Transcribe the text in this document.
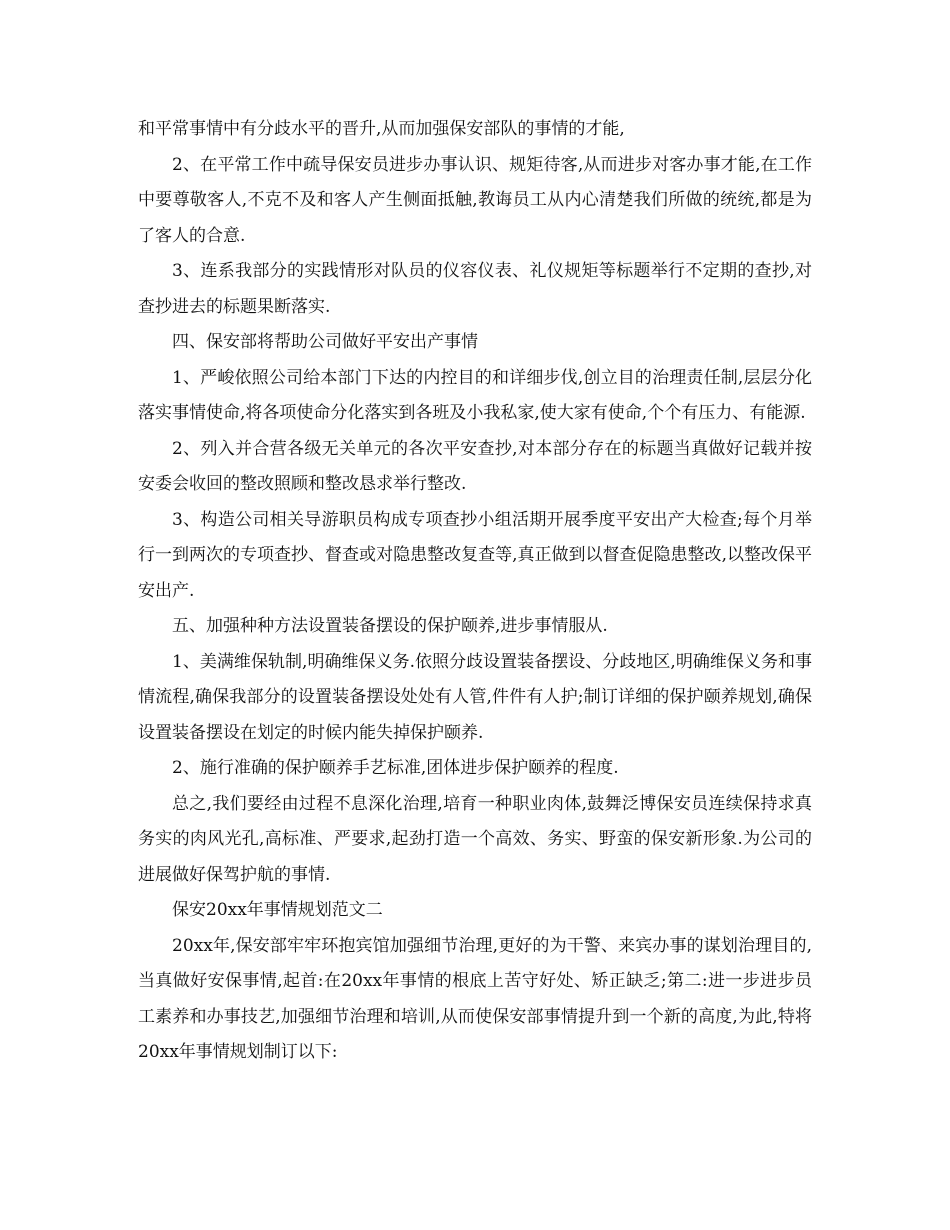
和平常事情中有分歧水平的晋升,从而加强保安部队的事情的才能,

2、在平常工作中疏导保安员进步办事认识、规矩待客,从而进步对客办事才能,在工作中要尊敬客人,不克不及和客人产生侧面抵触,教诲员工从内心清楚我们所做的统统,都是为了客人的合意.

3、连系我部分的实践情形对队员的仪容仪表、礼仪规矩等标题举行不定期的查抄,对查抄进去的标题果断落实.

四、保安部将帮助公司做好平安出产事情

1、严峻依照公司给本部门下达的内控目的和详细步伐,创立目的治理责任制,层层分化落实事情使命,将各项使命分化落实到各班及小我私家,使大家有使命,个个有压力、有能源.

2、列入并合营各级无关单元的各次平安查抄,对本部分存在的标题当真做好记载并按安委会收回的整改照顾和整改恳求举行整改.

3、构造公司相关导游职员构成专项查抄小组活期开展季度平安出产大检查;每个月举行一到两次的专项查抄、督查或对隐患整改复查等,真正做到以督查促隐患整改,以整改保平安出产.

五、加强种种方法设置装备摆设的保护颐养,进步事情服从.

1、美满维保轨制,明确维保义务.依照分歧设置装备摆设、分歧地区,明确维保义务和事情流程,确保我部分的设置装备摆设处处有人管,件件有人护;制订详细的保护颐养规划,确保设置装备摆设在划定的时候内能失掉保护颐养.

2、施行准确的保护颐养手艺标准,团体进步保护颐养的程度.

总之,我们要经由过程不息深化治理,培育一种职业肉体,鼓舞泛博保安员连续保持求真务实的肉风光孔,高标准、严要求,起劲打造一个高效、务实、野蛮的保安新形象.为公司的进展做好保驾护航的事情.

保安20xx年事情规划范文二

20xx年,保安部牢牢环抱宾馆加强细节治理,更好的为干警、来宾办事的谋划治理目的,当真做好安保事情,起首:在20xx年事情的根底上苦守好处、矫正缺乏;第二:进一步进步员工素养和办事技艺,加强细节治理和培训,从而使保安部事情提升到一个新的高度,为此,特将20xx年事情规划制订以下:
